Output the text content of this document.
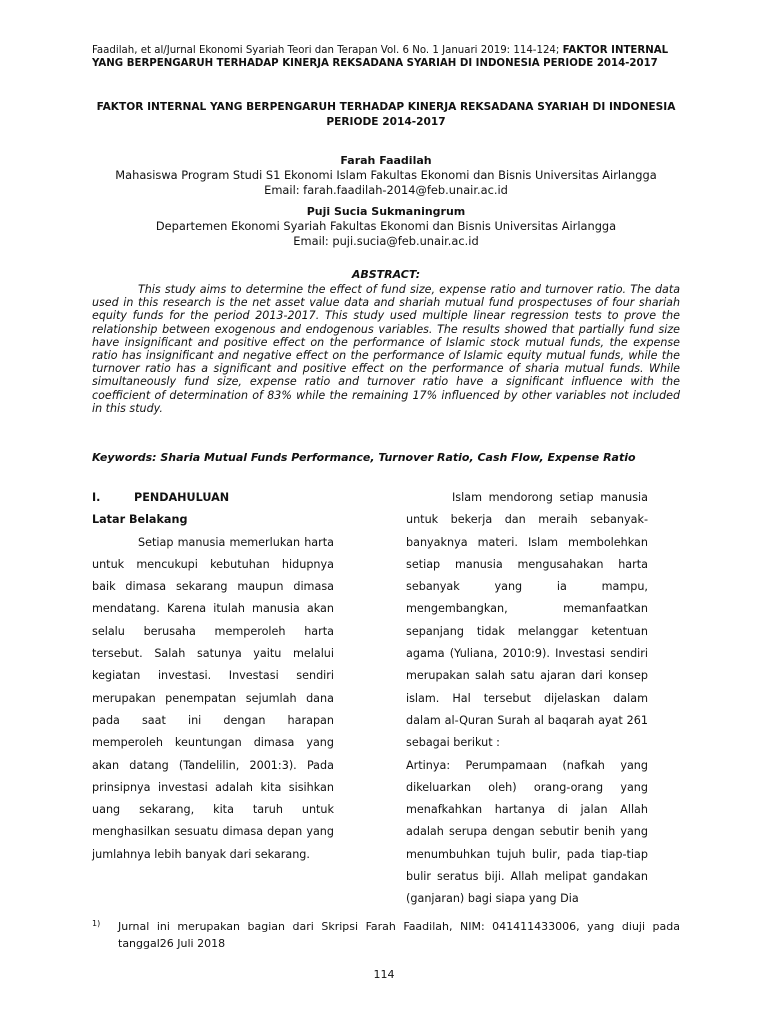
Faadilah, et al/Jurnal Ekonomi Syariah Teori dan Terapan Vol. 6 No. 1 Januari 2019: 114-124; FAKTOR INTERNAL YANG BERPENGARUH TERHADAP KINERJA REKSADANA SYARIAH DI INDONESIA PERIODE 2014-2017
FAKTOR INTERNAL YANG BERPENGARUH TERHADAP KINERJA REKSADANA SYARIAH DI INDONESIA PERIODE 2014-2017
Farah Faadilah
Mahasiswa Program Studi S1 Ekonomi Islam Fakultas Ekonomi dan Bisnis Universitas Airlangga
Email: farah.faadilah-2014@feb.unair.ac.id
Puji Sucia Sukmaningrum
Departemen Ekonomi Syariah Fakultas Ekonomi dan Bisnis Universitas Airlangga
Email: puji.sucia@feb.unair.ac.id
ABSTRACT:
This study aims to determine the effect of fund size, expense ratio and turnover ratio. The data used in this research is the net asset value data and shariah mutual fund prospectuses of four shariah equity funds for the period 2013-2017. This study used multiple linear regression tests to prove the relationship between exogenous and endogenous variables. The results showed that partially fund size have insignificant and positive effect on the performance of Islamic stock mutual funds, the expense ratio has insignificant and negative effect on the performance of Islamic equity mutual funds, while the turnover ratio has a significant and positive effect on the performance of sharia mutual funds. While simultaneously fund size, expense ratio and turnover ratio have a significant influence with the coefficient of determination of 83% while the remaining 17% influenced by other variables not included in this study.
Keywords: Sharia Mutual Funds Performance, Turnover Ratio, Cash Flow, Expense Ratio
I.	PENDAHULUAN
Latar Belakang

Setiap manusia memerlukan harta untuk mencukupi kebutuhan hidupnya baik dimasa sekarang maupun dimasa mendatang. Karena itulah manusia akan selalu berusaha memperoleh harta tersebut. Salah satunya yaitu melalui kegiatan investasi. Investasi sendiri merupakan penempatan sejumlah dana pada saat ini dengan harapan memperoleh keuntungan dimasa yang akan datang (Tandelilin, 2001:3). Pada prinsipnya investasi adalah kita sisihkan uang sekarang, kita taruh untuk menghasilkan sesuatu dimasa depan yang jumlahnya lebih banyak dari sekarang.

Islam mendorong setiap manusia untuk bekerja dan meraih sebanyak-banyaknya materi. Islam membolehkan setiap manusia mengusahakan harta sebanyak yang ia mampu, mengembangkan, memanfaatkan sepanjang tidak melanggar ketentuan agama (Yuliana, 2010:9). Investasi sendiri merupakan salah satu ajaran dari konsep islam. Hal tersebut dijelaskan dalam dalam al-Quran Surah al baqarah ayat 261 sebagai berikut :

Artinya: Perumpamaan (nafkah yang dikeluarkan oleh) orang-orang yang menafkahkan hartanya di jalan Allah adalah serupa dengan sebutir benih yang menumbuhkan tujuh bulir, pada tiap-tiap bulir seratus biji. Allah melipat gandakan (ganjaran) bagi siapa yang Dia

1)	Jurnal ini merupakan bagian dari Skripsi Farah Faadilah, NIM: 041411433006, yang diuji pada tanggal26 Juli 2018
114
